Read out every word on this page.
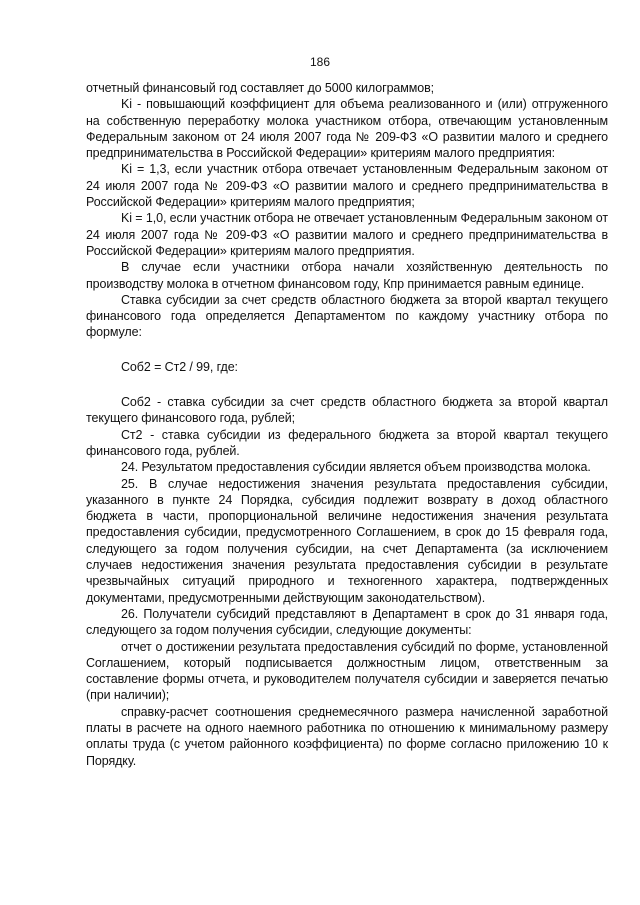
186

отчетный финансовый год составляет до 5000 килограммов;

Ki - повышающий коэффициент для объема реализованного и (или) отгруженного на собственную переработку молока участником отбора, отвечающим установленным Федеральным законом от 24 июля 2007 года № 209-ФЗ «О развитии малого и среднего предпринимательства в Российской Федерации» критериям малого предприятия:

Ki = 1,3, если участник отбора отвечает установленным Федеральным законом от 24 июля 2007 года № 209-ФЗ «О развитии малого и среднего предпринимательства в Российской Федерации» критериям малого предприятия;

Ki = 1,0, если участник отбора не отвечает установленным Федеральным законом от 24 июля 2007 года № 209-ФЗ «О развитии малого и среднего предпринимательства в Российской Федерации» критериям малого предприятия.

В случае если участники отбора начали хозяйственную деятельность по производству молока в отчетном финансовом году, Кпр принимается равным единице.

Ставка субсидии за счет средств областного бюджета за второй квартал текущего финансового года определяется Департаментом по каждому участнику отбора по формуле:

Соб2 = Ст2 / 99, где:

Соб2 - ставка субсидии за счет средств областного бюджета за второй квартал текущего финансового года, рублей;

Ст2 - ставка субсидии из федерального бюджета за второй квартал текущего финансового года, рублей.

24. Результатом предоставления субсидии является объем производства молока.

25. В случае недостижения значения результата предоставления субсидии, указанного в пункте 24 Порядка, субсидия подлежит возврату в доход областного бюджета в части, пропорциональной величине недостижения значения результата предоставления субсидии, предусмотренного Соглашением, в срок до 15 февраля года, следующего за годом получения субсидии, на счет Департамента (за исключением случаев недостижения значения результата предоставления субсидии в результате чрезвычайных ситуаций природного и техногенного характера, подтвержденных документами, предусмотренными действующим законодательством).

26. Получатели субсидий представляют в Департамент в срок до 31 января года, следующего за годом получения субсидии, следующие документы:

отчет о достижении результата предоставления субсидий по форме, установленной Соглашением, который подписывается должностным лицом, ответственным за составление формы отчета, и руководителем получателя субсидии и заверяется печатью (при наличии);

справку-расчет соотношения среднемесячного размера начисленной заработной платы в расчете на одного наемного работника по отношению к минимальному размеру оплаты труда (с учетом районного коэффициента) по форме согласно приложению 10 к Порядку.
